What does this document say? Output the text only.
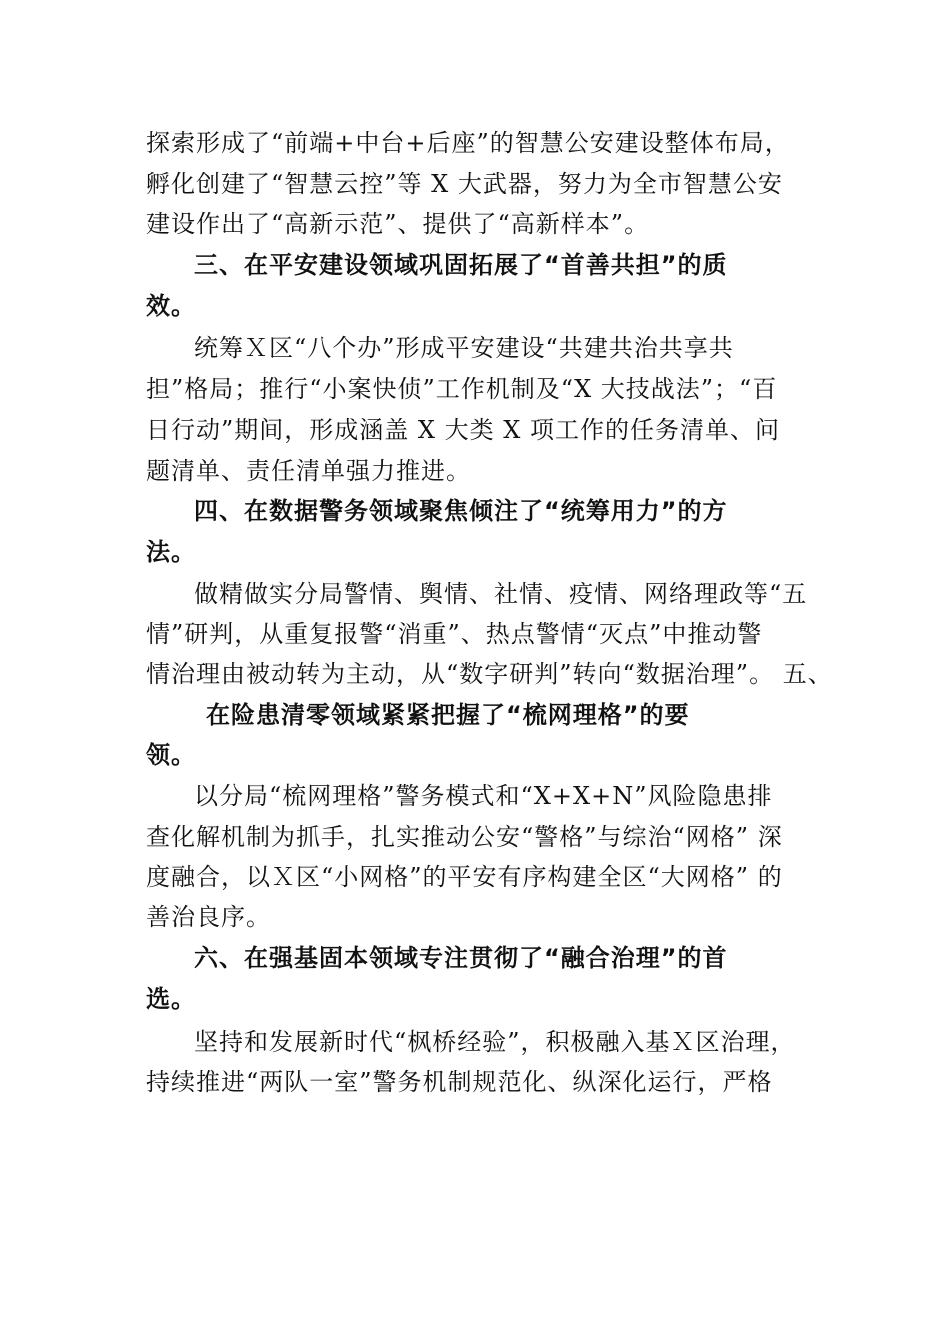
探索形成了“前端+中台+后座”的智慧公安建设整体布局，
孵化创建了“智慧云控”等 X 大武器，努力为全市智慧公安
建设作出了“高新示范”、提供了“高新样本”。
三、在平安建设领域巩固拓展了“首善共担”的质
效。
统筹Ｘ区“八个办”形成平安建设“共建共治共享共
担”格局；推行“小案快侦”工作机制及“X 大技战法”；“百
日行动”期间，形成涵盖 X 大类 X 项工作的任务清单、问
题清单、责任清单强力推进。
四、在数据警务领域聚焦倾注了“统筹用力”的方
法。
做精做实分局警情、舆情、社情、疫情、网络理政等“五
情”研判，从重复报警“消重”、热点警情“灭点”中推动警
情治理由被动转为主动，从“数字研判”转向“数据治理”。 五、
在险患清零领域紧紧把握了“梳网理格”的要
领。
以分局“梳网理格”警务模式和“X+X+N”风险隐患排
查化解机制为抓手，扎实推动公安“警格”与综治“网格” 深
度融合，以Ｘ区“小网格”的平安有序构建全区“大网格” 的
善治良序。
六、在强基固本领域专注贯彻了“融合治理”的首
选。
坚持和发展新时代“枫桥经验”，积极融入基Ｘ区治理，
持续推进“两队一室”警务机制规范化、纵深化运行，严格
